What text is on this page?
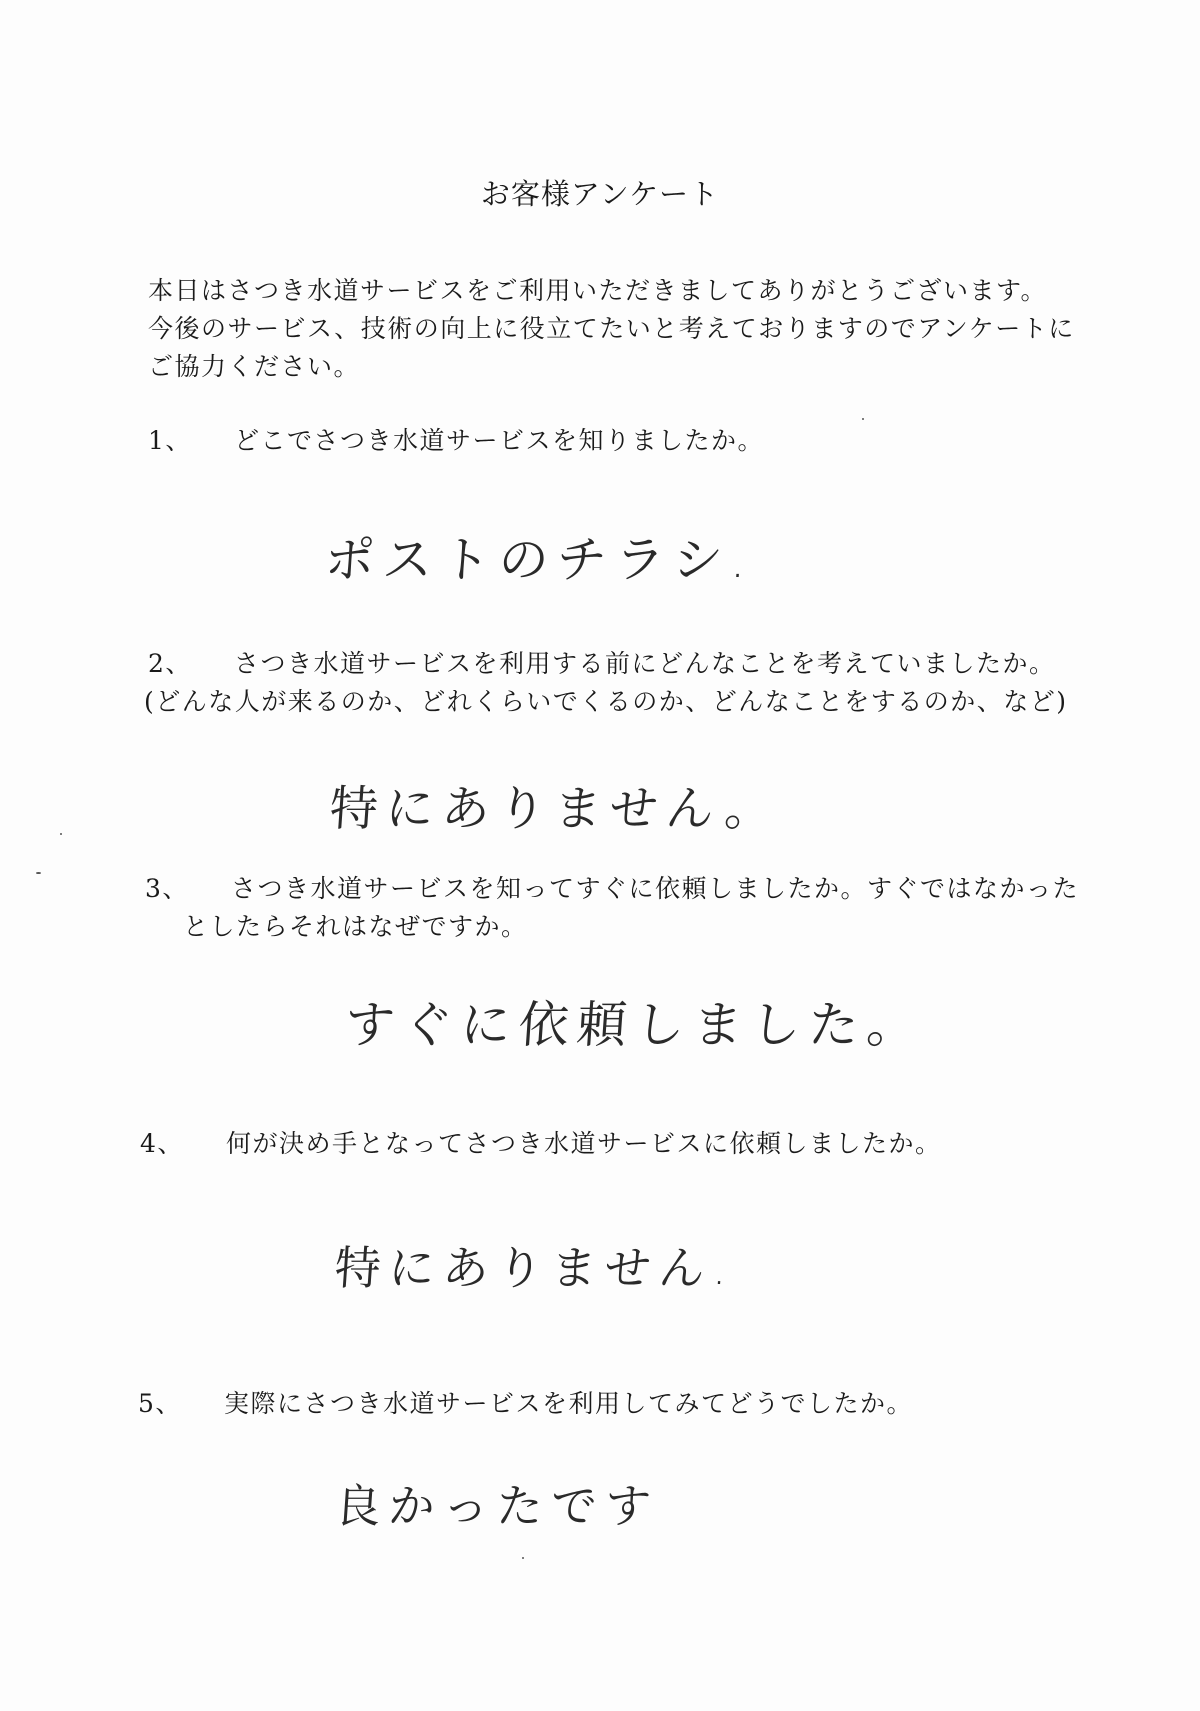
お客様アンケート

本日はさつき水道サービスをご利用いただきましてありがとうございます。

今後のサービス、技術の向上に役立てたいと考えておりますのでアンケートに

ご協力ください。

1、 どこでさつき水道サービスを知りましたか。
ポストのチラシ.
2、 さつき水道サービスを利用する前にどんなことを考えていましたか。
(どんな人が来るのか、どれくらいでくるのか、どんなことをするのか、など)
特にありません。
3、 さつき水道サービスを知ってすぐに依頼しましたか。すぐではなかった
としたらそれはなぜですか。
すぐに依頼しました。
4、 何が決め手となってさつき水道サービスに依頼しましたか。
特にありません.
5、 実際にさつき水道サービスを利用してみてどうでしたか。
良かったです
